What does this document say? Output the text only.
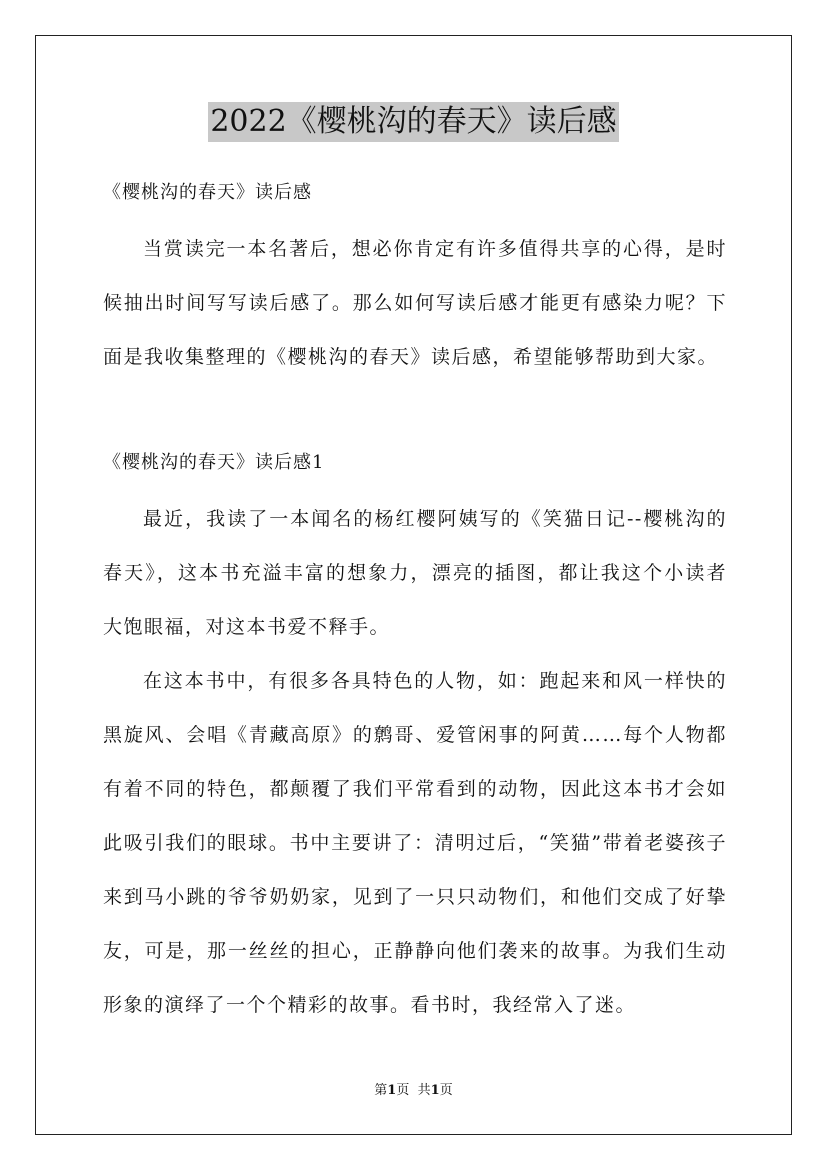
2022《樱桃沟的春天》读后感
《樱桃沟的春天》读后感

当赏读完一本名著后，想必你肯定有许多值得共享的心得，是时候抽出时间写写读后感了。那么如何写读后感才能更有感染力呢？下面是我收集整理的《樱桃沟的春天》读后感，希望能够帮助到大家。

《樱桃沟的春天》读后感1

最近，我读了一本闻名的杨红樱阿姨写的《笑猫日记--樱桃沟的春天》，这本书充溢丰富的想象力，漂亮的插图，都让我这个小读者大饱眼福，对这本书爱不释手。

在这本书中，有很多各具特色的人物，如：跑起来和风一样快的黑旋风、会唱《青藏高原》的鹩哥、爱管闲事的阿黄……每个人物都有着不同的特色，都颠覆了我们平常看到的动物，因此这本书才会如此吸引我们的眼球。书中主要讲了：清明过后，“笑猫”带着老婆孩子来到马小跳的爷爷奶奶家，见到了一只只动物们，和他们交成了好挚友，可是，那一丝丝的担心，正静静向他们袭来的故事。为我们生动形象的演绎了一个个精彩的故事。看书时，我经常入了迷。

第1页 共1页
